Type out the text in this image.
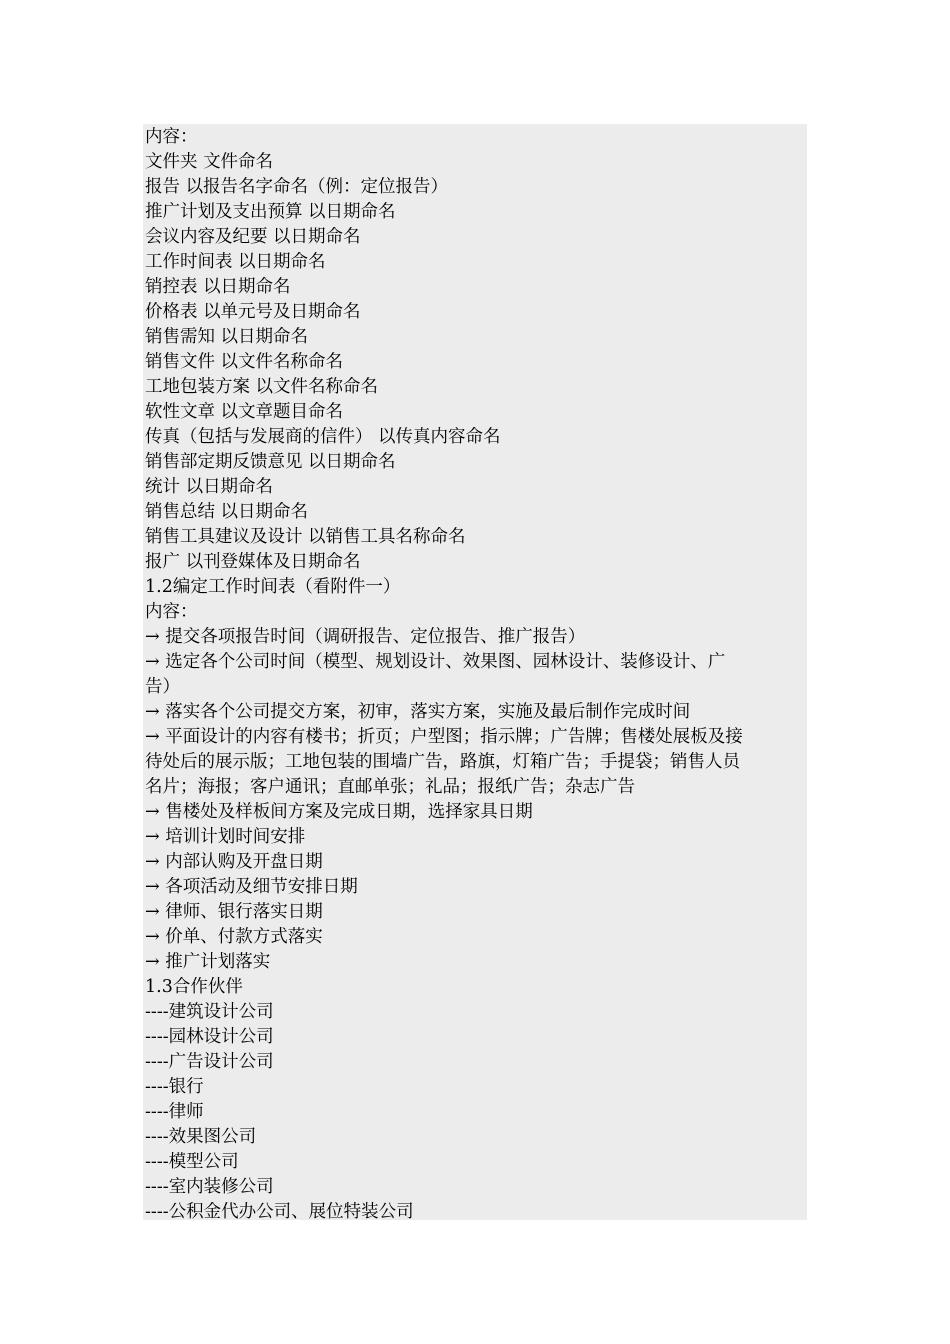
内容：
文件夹 文件命名
报告 以报告名字命名（例：定位报告）
推广计划及支出预算 以日期命名
会议内容及纪要 以日期命名
工作时间表 以日期命名
销控表 以日期命名
价格表 以单元号及日期命名
销售需知 以日期命名
销售文件 以文件名称命名
工地包装方案 以文件名称命名
软性文章 以文章题目命名
传真（包括与发展商的信件） 以传真内容命名
销售部定期反馈意见 以日期命名
统计 以日期命名
销售总结 以日期命名
销售工具建议及设计 以销售工具名称命名
报广 以刊登媒体及日期命名
1.2编定工作时间表（看附件一）
内容：
→ 提交各项报告时间（调研报告、定位报告、推广报告）
→ 选定各个公司时间（模型、规划设计、效果图、园林设计、装修设计、广
告）
→ 落实各个公司提交方案，初审，落实方案，实施及最后制作完成时间
→ 平面设计的内容有楼书；折页；户型图；指示牌；广告牌；售楼处展板及接
待处后的展示版；工地包装的围墙广告，路旗，灯箱广告；手提袋；销售人员
名片；海报；客户通讯；直邮单张；礼品；报纸广告；杂志广告
→ 售楼处及样板间方案及完成日期，选择家具日期
→ 培训计划时间安排
→ 内部认购及开盘日期
→ 各项活动及细节安排日期
→ 律师、银行落实日期
→ 价单、付款方式落实
→ 推广计划落实
1.3合作伙伴
----建筑设计公司
----园林设计公司
----广告设计公司
----银行
----律师
----效果图公司
----模型公司
----室内装修公司
----公积金代办公司、展位特装公司
